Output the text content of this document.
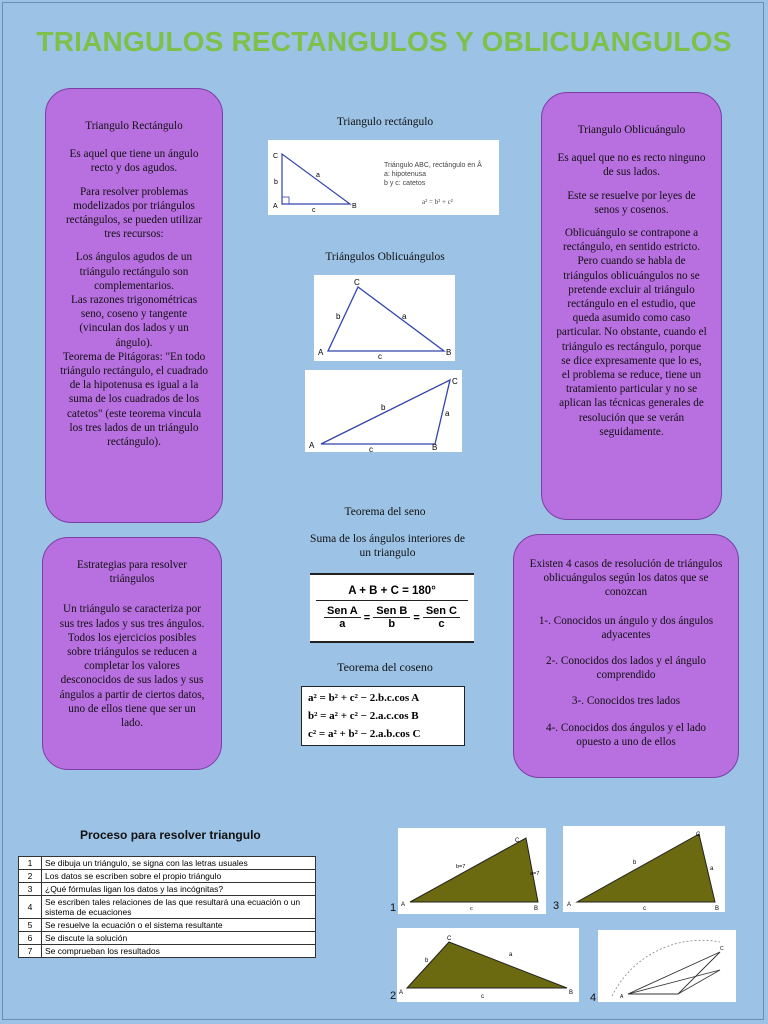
TRIANGULOS RECTANGULOS Y OBLICUANGULOS

Triangulo Rectángulo

Es aquel que tiene un ángulo recto y dos agudos.

Para resolver problemas modelizados por triángulos rectángulos, se pueden utilizar tres recursos:

Los ángulos agudos de un triángulo rectángulo son complementarios.

Las razones trigonométricas seno, coseno y tangente (vinculan dos lados y un ángulo).

Teorema de Pitágoras: "En todo triángulo rectángulo, el cuadrado de la hipotenusa es igual a la suma de los cuadrados de los catetos" (este teorema vincula los tres lados de un triángulo rectángulo).

Triangulo Oblicuángulo

Es aquel que no es recto ninguno de sus lados.

Este se resuelve por leyes de senos y cosenos.

Oblicuángulo se contrapone a rectángulo, en sentido estricto. Pero cuando se habla de triángulos oblicuángulos no se pretende excluir al triángulo rectángulo en el estudio, que queda asumido como caso particular. No obstante, cuando el triángulo es rectángulo, porque se dice expresamente que lo es, el problema se reduce, tiene un tratamiento particular y no se aplican las técnicas generales de resolución que se verán seguidamente.

Estrategias para resolver triángulos

Un triángulo se caracteriza por sus tres lados y sus tres ángulos.

Todos los ejercicios posibles sobre triángulos se reducen a completar los valores desconocidos de sus lados y sus ángulos a partir de ciertos datos, uno de ellos tiene que ser un lado.

Existen 4 casos de resolución de triángulos oblicuángulos según los datos que se conozcan

1-. Conocidos un ángulo y dos ángulos adyacentes

2-. Conocidos dos lados y el ángulo comprendido

3-. Conocidos tres lados

4-. Conocidos dos ángulos y el lado opuesto a uno de ellos

Triangulo rectángulo
C
A	B
b
a
c
Triángulo ABC, rectángulo en Â
a: hipotenusa
b y c: catetos
a² = b² + c²
Triángulos Oblicuángulos
C
A	B
b	a
c
C
A	B
b
a
c
Teorema del seno
Suma de los ángulos interiores de un triangulo
A + B + C = 180°
Sen A
a
=
Sen B
b
=
Sen C
c
Teorema del coseno
a² = b² + c² − 2.b.c.cos A
b² = a² + c² − 2.a.c.cos B
c² = a² + b² − 2.a.b.cos C
Proceso para resolver triangulo
1	Se dibuja un triángulo, se signa con las letras usuales
2	Los datos se escriben sobre el propio triángulo
3	¿Qué fórmulas ligan los datos y las incógnitas?
4	Se escriben tales relaciones de las que resultará una ecuación o un sistema de ecuaciones
5	Se resuelve la ecuación o el sistema resultante
6	Se discute la solución
7	Se comprueban los resultados
A
C
B
b=7
a=7
c
1	A
C
B
b
a
c
3
A
C
B
b
a
c
2	A
C
4
